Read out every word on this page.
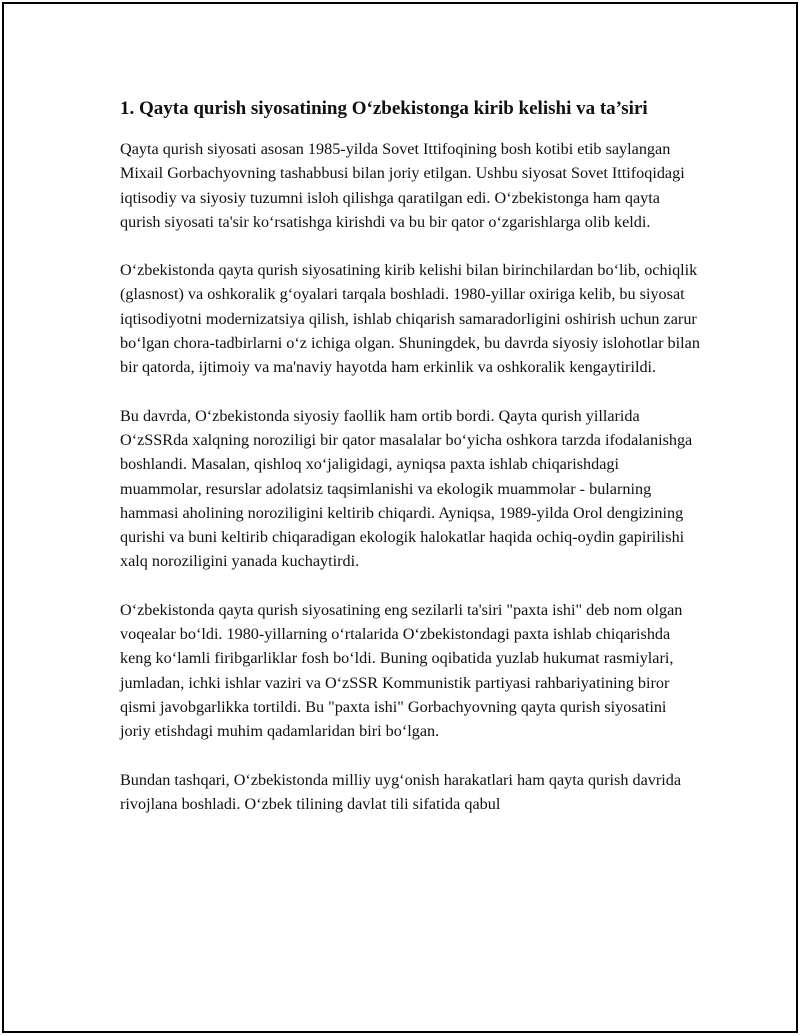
1. Qayta qurish siyosatining O‘zbekistonga kirib kelishi va ta’siri

Qayta qurish siyosati asosan 1985-yilda Sovet Ittifoqining bosh kotibi etib saylangan Mixail Gorbachyovning tashabbusi bilan joriy etilgan. Ushbu siyosat Sovet Ittifoqidagi iqtisodiy va siyosiy tuzumni isloh qilishga qaratilgan edi. O‘zbekistonga ham qayta qurish siyosati ta'sir ko‘rsatishga kirishdi va bu bir qator o‘zgarishlarga olib keldi.

O‘zbekistonda qayta qurish siyosatining kirib kelishi bilan birinchilardan bo‘lib, ochiqlik (glasnost) va oshkoralik g‘oyalari tarqala boshladi. 1980-yillar oxiriga kelib, bu siyosat iqtisodiyotni modernizatsiya qilish, ishlab chiqarish samaradorligini oshirish uchun zarur bo‘lgan chora-tadbirlarni o‘z ichiga olgan. Shuningdek, bu davrda siyosiy islohotlar bilan bir qatorda, ijtimoiy va ma'naviy hayotda ham erkinlik va oshkoralik kengaytirildi.

Bu davrda, O‘zbekistonda siyosiy faollik ham ortib bordi. Qayta qurish yillarida O‘zSSRda xalqning noroziligi bir qator masalalar bo‘yicha oshkora tarzda ifodalanishga boshlandi. Masalan, qishloq xo‘jaligidagi, ayniqsa paxta ishlab chiqarishdagi muammolar, resurslar adolatsiz taqsimlanishi va ekologik muammolar - bularning hammasi aholining noroziligini keltirib chiqardi. Ayniqsa, 1989-yilda Orol dengizining qurishi va buni keltirib chiqaradigan ekologik halokatlar haqida ochiq-oydin gapirilishi xalq noroziligini yanada kuchaytirdi.

O‘zbekistonda qayta qurish siyosatining eng sezilarli ta'siri "paxta ishi" deb nom olgan voqealar bo‘ldi. 1980-yillarning o‘rtalarida O‘zbekistondagi paxta ishlab chiqarishda keng ko‘lamli firibgarliklar fosh bo‘ldi. Buning oqibatida yuzlab hukumat rasmiylari, jumladan, ichki ishlar vaziri va O‘zSSR Kommunistik partiyasi rahbariyatining biror qismi javobgarlikka tortildi. Bu "paxta ishi" Gorbachyovning qayta qurish siyosatini joriy etishdagi muhim qadamlaridan biri bo‘lgan.

Bundan tashqari, O‘zbekistonda milliy uyg‘onish harakatlari ham qayta qurish davrida rivojlana boshladi. O‘zbek tilining davlat tili sifatida qabul
